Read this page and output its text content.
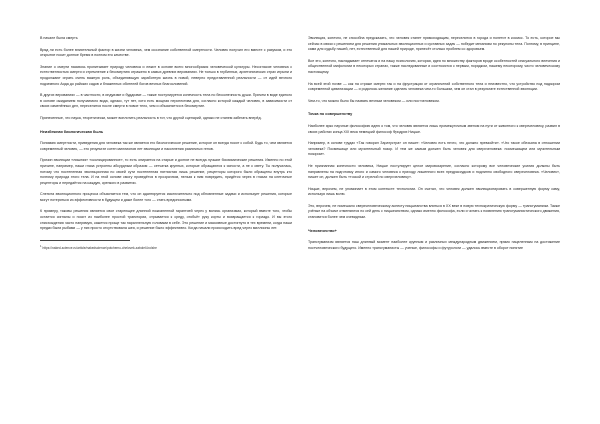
В начале была смерть

Вряд ли есть более влиятельный фактор в жизни человека, чем осознание собственной смертности. Человек получил его вместе с разумом, и это открытие носит донное бремя в полном его качестве.

Знание о смерти насквозь пропитывает природу человека и лежит в основе всего многообразия человеческой культуры. Несогласие человека с естественностью смерти и стремление к бессмертию отражено в самых древних верованиях. Не только в глубинных, архетипических страх игрыни и продолжают играть очень важную роль, объединяющую заработную жизнь в новой, неверно представленной реальности — от идей вечного подземного Аида до райских садов и блаженных обителей богов вечных благословений.

В других верованиях — в частности, в индуизме и буддизме — также постулируется конечность тела но бесконечность души. Причем в виде единого в основе ожиданием получаемого вида, однако, тут нет, хотя есть мощная перспектива для, согласно которой каждый человек, в зависимости от своих изменённых дел, переселится после смерти в новое тело, чем и объясняется в бессмертие.

Принесенные, что наука, теоретически, может воплотить реальность в тот, что другой сценарий, однако не станем забегать вперёд.

Неизбежная биологическая быль

Понимаю смертности, приведения для человека так же является его биологическое решение, которое он всегда носит с собой. Будь то, чем является современный человек, — это результат сотен миллионов лет эволюции и накопления различных генов.

Причин эволюции «лишняя» «сколицированное», то есть опирается на старые и долгие не всегда лучшие биохимические решения. Именно по этой причине, например, наши глаза устроены абсурдным образом — сетчатка крупных, которые обращаются к ясности, а не к свету. Ты получилась, потому что постепенная эволюционная по своей сути постепенная пятнистая лишь решение, рецепторы которого были обращены внутрь кто поэтому природа этого тела. И на этой основе смогу проведётся в прозрачном, нельзя к ним повредить, придётся через в глазах на клеточные рецепторы и передаётся на каждую, крепкого в развитии.

Слепота эволюционного процесса объясняется тем, что он адаптируется исключительно под обновленные задачи и использует решения, которые могут потеряться из эффективности в будущем и даже более того — стать вредоносными.

К примеру, таковы решения является свое стареющее длинной пожизненной гарантией через у вились организмах, который вместе того, чтобы остается сигналы и носит из наиболее простой траектории, отрывается к среду, отобьёт руку корты и возвращается к гораздо. И вы этого снисхождения часто напрямую, кажется проще так параллельную головами в себе. Это решение и массивные достигнуто в тех времени, когда наши предки были рыбами — у них просто отсутствовала шея, и решение было эффективно. Когда начали происходить вред через миллионы лет.

1 https://naked-science.ru/article/nakedscience/potchemu-chelovek-zaboleli-bolshe

Эволюция, конечно, не способна предсказать, что человек станет прямоходящим, переселится в города и полетит в космос. То есть, которое мы сейчас в связи с решением для решения уникальных эволюционных и суставных задач — победит механизм по рекупоны тела. Поэтому, в принципе, сами для судьбу нашей, нет, естественный для нашей природе, принесёт столько проблем со здоровьем.

Все это, конечно, накладывает отпечаток и на нашу психологию, которая, идея по множеству факторов вроде особенностей сексуального влечения и общественной мифологии в некоторых странах, также наследованные и соотносятся с первым, порядком, нашему некоторому, чисто человеческому настоящему.

На всей этой почве — как на страже смерти так и на фрустрации от ограничений собственного тела и неизвестно, что устройство под надзором современной цивилизации — и родилось желание сделать человека чем-то большим, чем он стал в результате естественной эволюции.

Чем-то, что можно было бы назвать вечным человеком — или постчеловеком.

Точка по совершенству

Наиболее ярко научные философию идею о том, что человек является лишь промежуточным звеном на пути от животного к сверхчеловеку, развил в своих работах конца XIX века немецкий философ Фридрих Ницше.

Например, в основе трудах «Так говорил Заратустра» он пишет: «Человек есть нечто, что должно превзойти». «Что такое обезьяна в отношении человека? Посмешище или мучительный позор. И тем же самым должен быть человек для сверхчеловека: посмешищем или мучительным позором».

Не признанная конечности человека, Ницше постулирует целое мировоззрение, согласно которому все человеческие усилия должны быть направлены на подготовку иного и самого человека к приходу лишенного всех предрассудков и подлинно свободного сверхчеловека. «Человек», пишет он, должен быть «тоской и стрелой по сверхчеловеку».

Ницше, впрочем, не упоминает в этом контексте технологии. Он считал, что человек должен эволюционировать в совершенную форму саму, используя лишь волю.

Это, впрочем, не помешало сверхчеловеческому аспекту ницшеанства влиться в XX веке в новую технократическую форму — трансгуманизм. Также учёные на объяче отменяются по сей день с ницшеанством, однако именно философа, если и читать к появлению трансгуманистического движения, становится более чем очевидным.

Человечество+

Трансгуманизм является наш длинный момент наиболее крупным и различных международным движением, прямо нацеленным на достижение постчеловеческого будущего. Именно трансгуманисты — ученые, философы и футурологи — удалось вместе в оборот понятие
